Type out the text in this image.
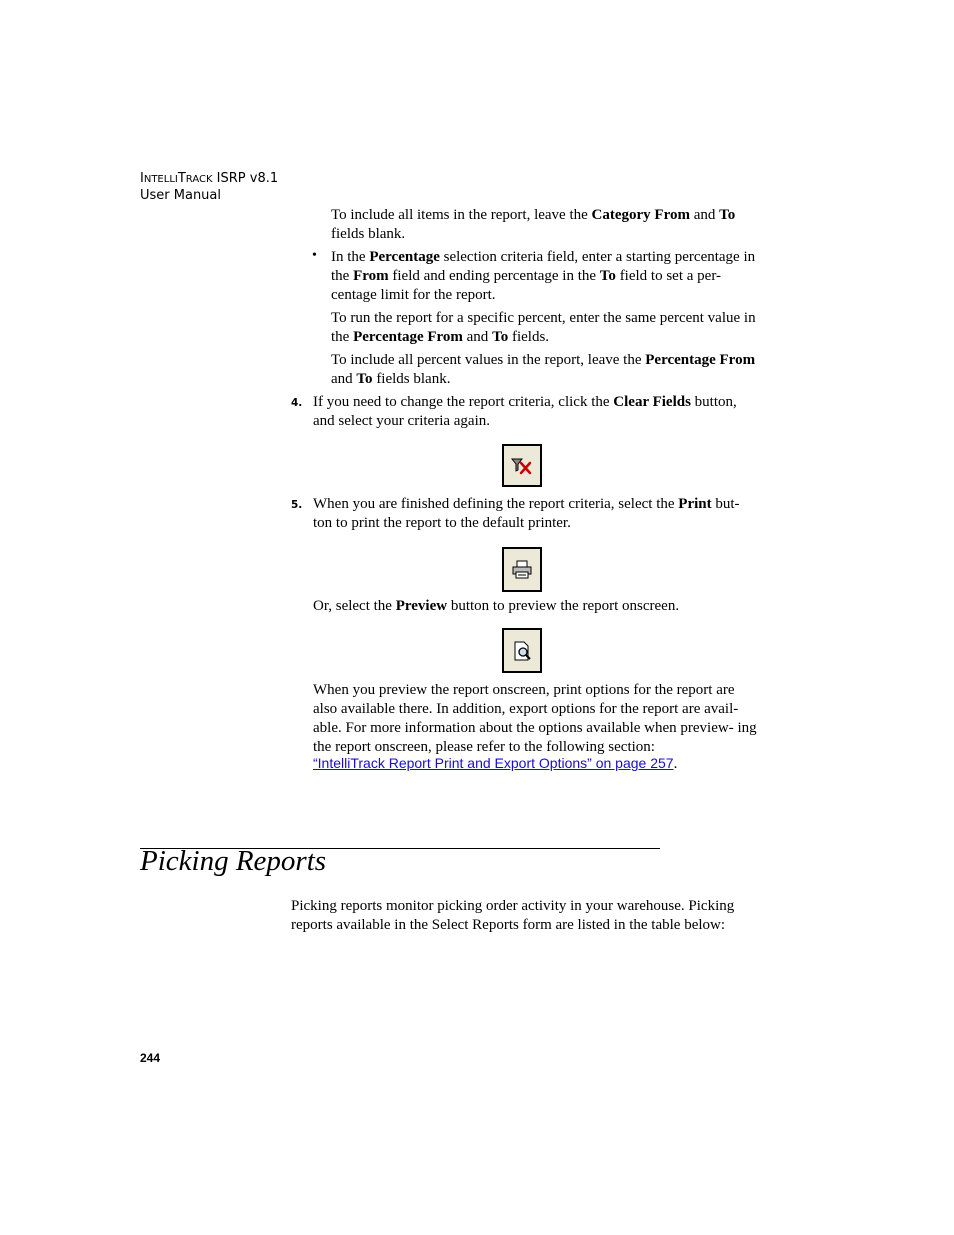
INTELLITRACK ISRP v8.1
User Manual

To include all items in the report, leave the Category From and To fields blank.

• In the Percentage selection criteria field, enter a starting percentage in the From field and ending percentage in the To field to set a per- centage limit for the report.

To run the report for a specific percent, enter the same percent value in the Percentage From and To fields.

To include all percent values in the report, leave the Percentage From and To fields blank.

4. If you need to change the report criteria, click the Clear Fields button, and select your criteria again.

5. When you are finished defining the report criteria, select the Print but- ton to print the report to the default printer.

Or, select the Preview button to preview the report onscreen.

When you preview the report onscreen, print options for the report are also available there. In addition, export options for the report are avail- able. For more information about the options available when preview- ing the report onscreen, please refer to the following section:

“IntelliTrack Report Print and Export Options” on page 257.
Picking Reports

Picking reports monitor picking order activity in your warehouse. Picking reports available in the Select Reports form are listed in the table below:

244
